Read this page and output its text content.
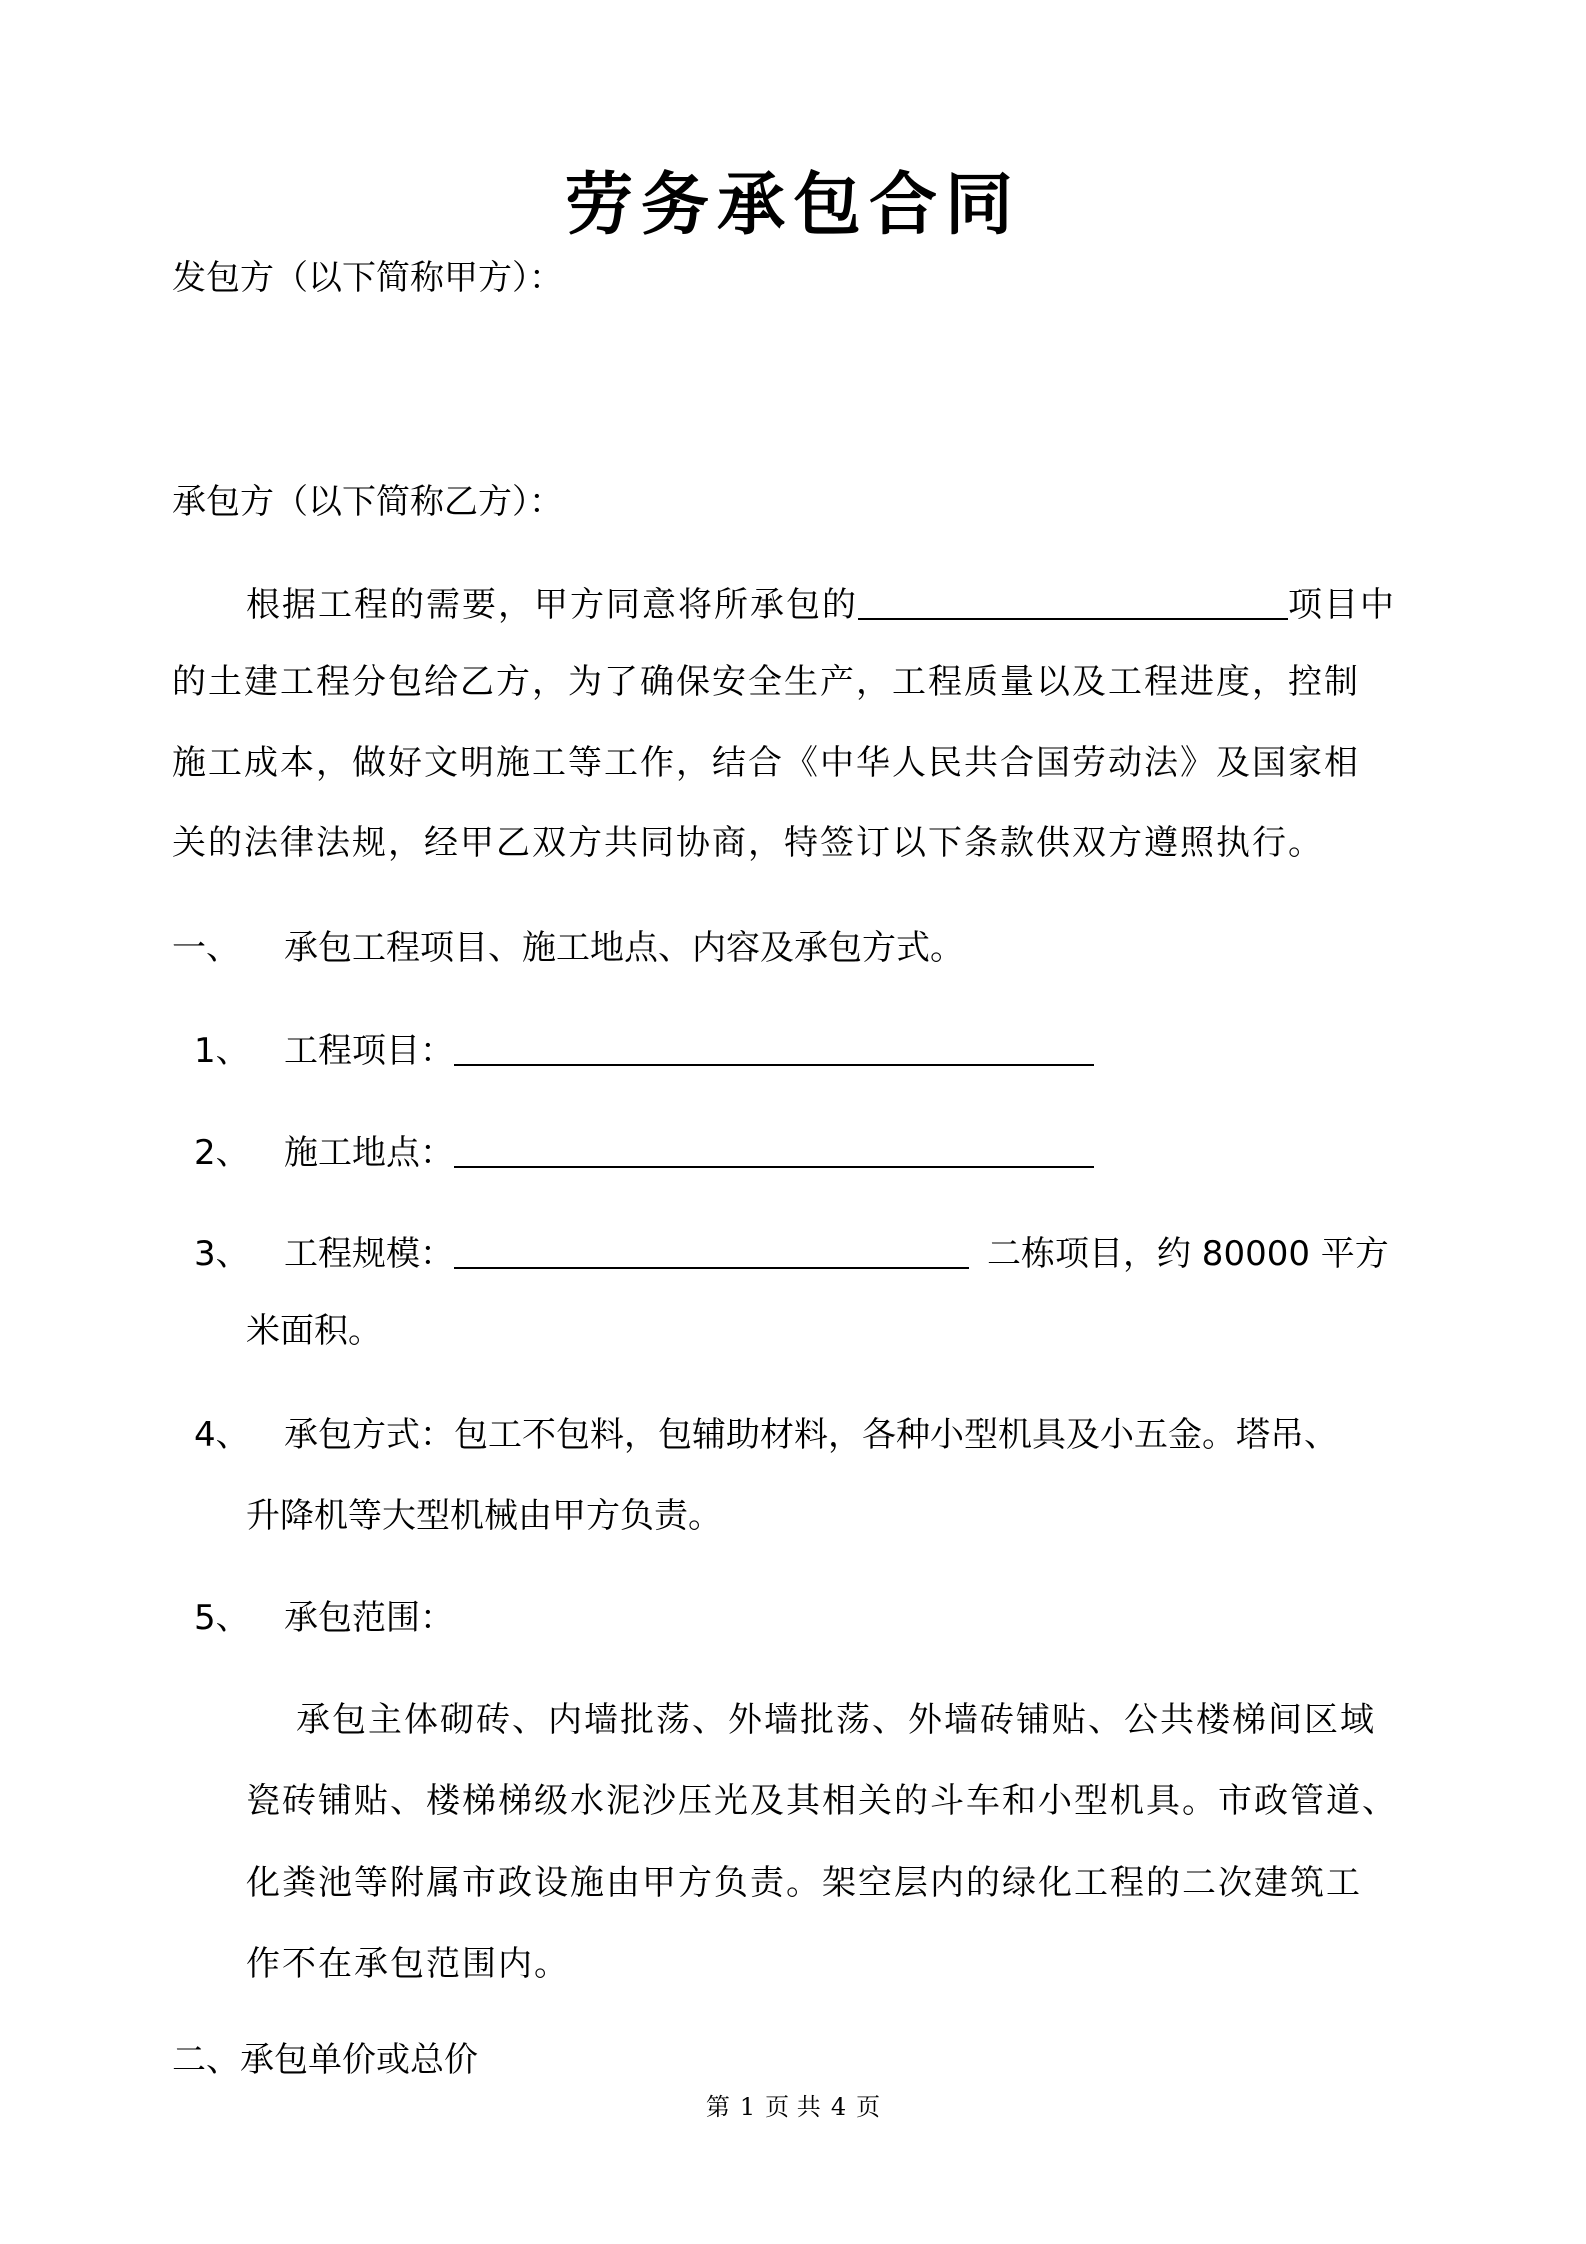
劳务承包合同
发包方（以下简称甲方）：
承包方（以下简称乙方）：
根据工程的需要，甲方同意将所承包的	项目中
的土建工程分包给乙方，为了确保安全生产，工程质量以及工程进度，控制
施工成本，做好文明施工等工作，结合《中华人民共合国劳动法》及国家相
关的法律法规，经甲乙双方共同协商，特签订以下条款供双方遵照执行。
一、 承包工程项目、施工地点、内容及承包方式。
1、 工程项目：
2、 施工地点：
3、 工程规模：	二栋项目，约 80000 平方
米面积。
4、 承包方式：包工不包料，包辅助材料，各种小型机具及小五金。塔吊、
升降机等大型机械由甲方负责。
5、 承包范围：
承包主体砌砖、内墙批荡、外墙批荡、外墙砖铺贴、公共楼梯间区域
瓷砖铺贴、楼梯梯级水泥沙压光及其相关的斗车和小型机具。市政管道、
化粪池等附属市政设施由甲方负责。架空层内的绿化工程的二次建筑工
作不在承包范围内。
二、承包单价或总价
第 1 页 共 4 页
